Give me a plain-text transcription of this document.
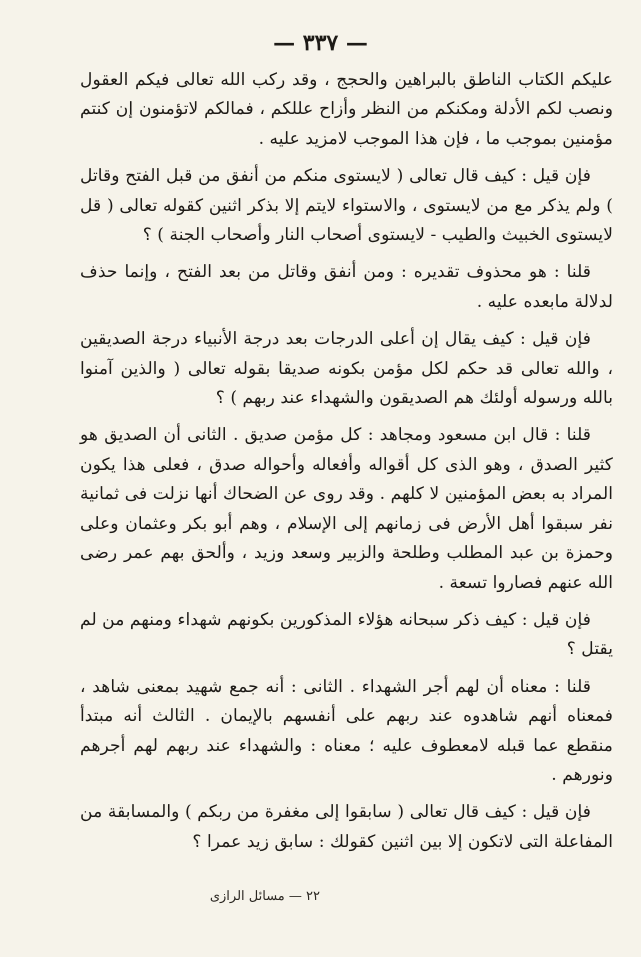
— ٣٣٧ —

عليكم الكتاب الناطق بالبراهين والحجج ، وقد ركب الله تعالى فيكم العقول ونصب لكم الأدلة ومكنكم من النظر وأزاح عللكم ، فمالكم لاتؤمنون إن كنتم مؤمنين بموجب ما ، فإن هذا الموجب لامزيد عليه .

فإن قيل : كيف قال تعالى ( لايستوى منكم من أنفق من قبل الفتح وقاتل ) ولم يذكر مع من لايستوى ، والاستواء لايتم إلا بذكر اثنين كقوله تعالى ( قل لايستوى الخبيث والطيب - لايستوى أصحاب النار وأصحاب الجنة ) ؟

قلنا : هو محذوف تقديره : ومن أنفق وقاتل من بعد الفتح ، وإنما حذف لدلالة مابعده عليه .

فإن قيل : كيف يقال إن أعلى الدرجات بعد درجة الأنبياء درجة الصديقين ، والله تعالى قد حكم لكل مؤمن بكونه صديقا بقوله تعالى ( والذين آمنوا بالله ورسوله أولئك هم الصديقون والشهداء عند ربهم ) ؟

قلنا : قال ابن مسعود ومجاهد : كل مؤمن صديق . الثانى أن الصديق هو كثير الصدق ، وهو الذى كل أقواله وأفعاله وأحواله صدق ، فعلى هذا يكون المراد به بعض المؤمنين لا كلهم . وقد روى عن الضحاك أنها نزلت فى ثمانية نفر سبقوا أهل الأرض فى زمانهم إلى الإسلام ، وهم أبو بكر وعثمان وعلى وحمزة بن عبد المطلب وطلحة والزبير وسعد وزيد ، وألحق بهم عمر رضى الله عنهم فصاروا تسعة .

فإن قيل : كيف ذكر سبحانه هؤلاء المذكورين بكونهم شهداء ومنهم من لم يقتل ؟

قلنا : معناه أن لهم أجر الشهداء . الثانى : أنه جمع شهيد بمعنى شاهد ، فمعناه أنهم شاهدوه عند ربهم على أنفسهم بالإيمان . الثالث أنه مبتدأ منقطع عما قبله لامعطوف عليه ؛ معناه : والشهداء عند ربهم لهم أجرهم ونورهم .

فإن قيل : كيف قال تعالى ( سابقوا إلى مغفرة من ربكم ) والمسابقة من المفاعلة التى لاتكون إلا بين اثنين كقولك : سابق زيد عمرا ؟

٢٢ — مسائل الرازى
